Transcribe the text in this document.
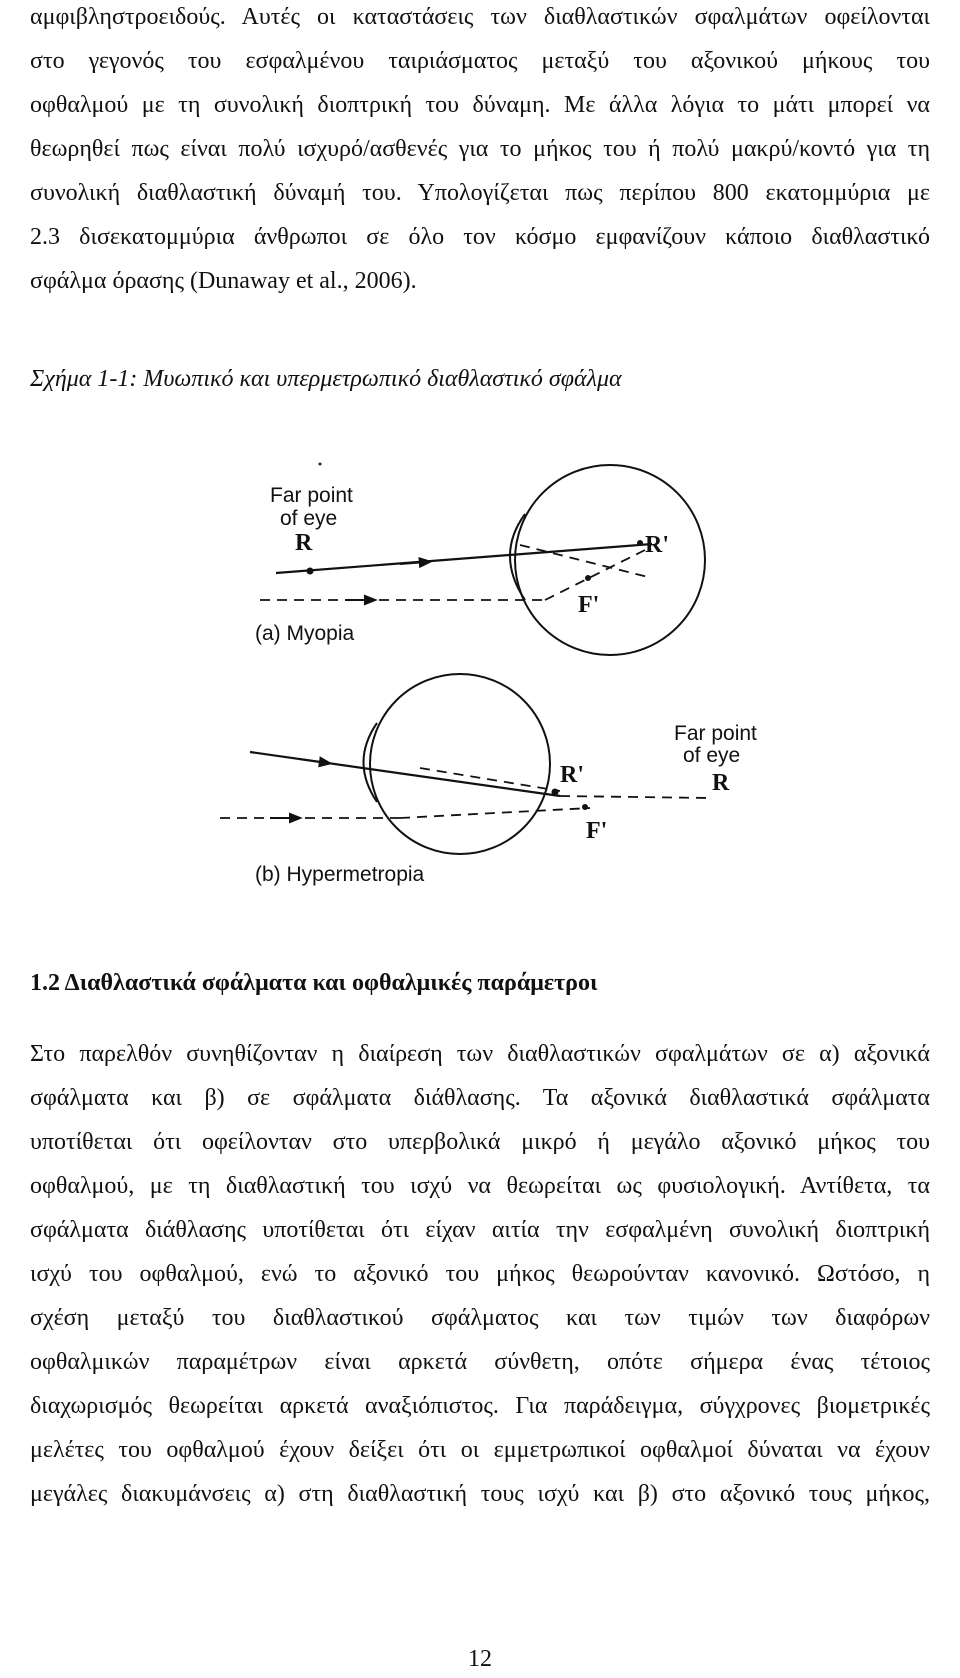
αμφιβληστροειδούς. Αυτές οι καταστάσεις των διαθλαστικών σφαλμάτων οφείλονται
στο γεγονός του εσφαλμένου ταιριάσματος μεταξύ του αξονικού μήκους του
οφθαλμού με τη συνολική διοπτρική του δύναμη. Με άλλα λόγια το μάτι μπορεί να
θεωρηθεί πως είναι πολύ ισχυρό/ασθενές για το μήκος του ή πολύ μακρύ/κοντό για τη
συνολική διαθλαστική δύναμή του. Υπολογίζεται πως περίπου 800 εκατομμύρια με
2.3 δισεκατομμύρια άνθρωποι σε όλο τον κόσμο εμφανίζουν κάποιο διαθλαστικό
σφάλμα όρασης (Dunaway et al., 2006).
Σχήμα 1-1: Μυωπικό και υπερμετρωπικό διαθλαστικό σφάλμα
Far point
of eye
R
F'
R'
(a) Myopia
Far point
of eye
R
R'
F'
(b) Hypermetropia
1.2 Διαθλαστικά σφάλματα και οφθαλμικές παράμετροι
Στο παρελθόν συνηθίζονταν η διαίρεση των διαθλαστικών σφαλμάτων σε α) αξονικά
σφάλματα και β) σε σφάλματα διάθλασης. Τα αξονικά διαθλαστικά σφάλματα
υποτίθεται ότι οφείλονταν στο υπερβολικά μικρό ή μεγάλο αξονικό μήκος του
οφθαλμού, με τη διαθλαστική του ισχύ να θεωρείται ως φυσιολογική. Αντίθετα, τα
σφάλματα διάθλασης υποτίθεται ότι είχαν αιτία την εσφαλμένη συνολική διοπτρική
ισχύ του οφθαλμού, ενώ το αξονικό του μήκος θεωρούνταν κανονικό. Ωστόσο, η
σχέση μεταξύ του διαθλαστικού σφάλματος και των τιμών των διαφόρων
οφθαλμικών παραμέτρων είναι αρκετά σύνθετη, οπότε σήμερα ένας τέτοιος
διαχωρισμός θεωρείται αρκετά αναξιόπιστος. Για παράδειγμα, σύγχρονες βιομετρικές
μελέτες του οφθαλμού έχουν δείξει ότι οι εμμετρωπικοί οφθαλμοί δύναται να έχουν
μεγάλες διακυμάνσεις α) στη διαθλαστική τους ισχύ και β) στο αξονικό τους μήκος,
12
